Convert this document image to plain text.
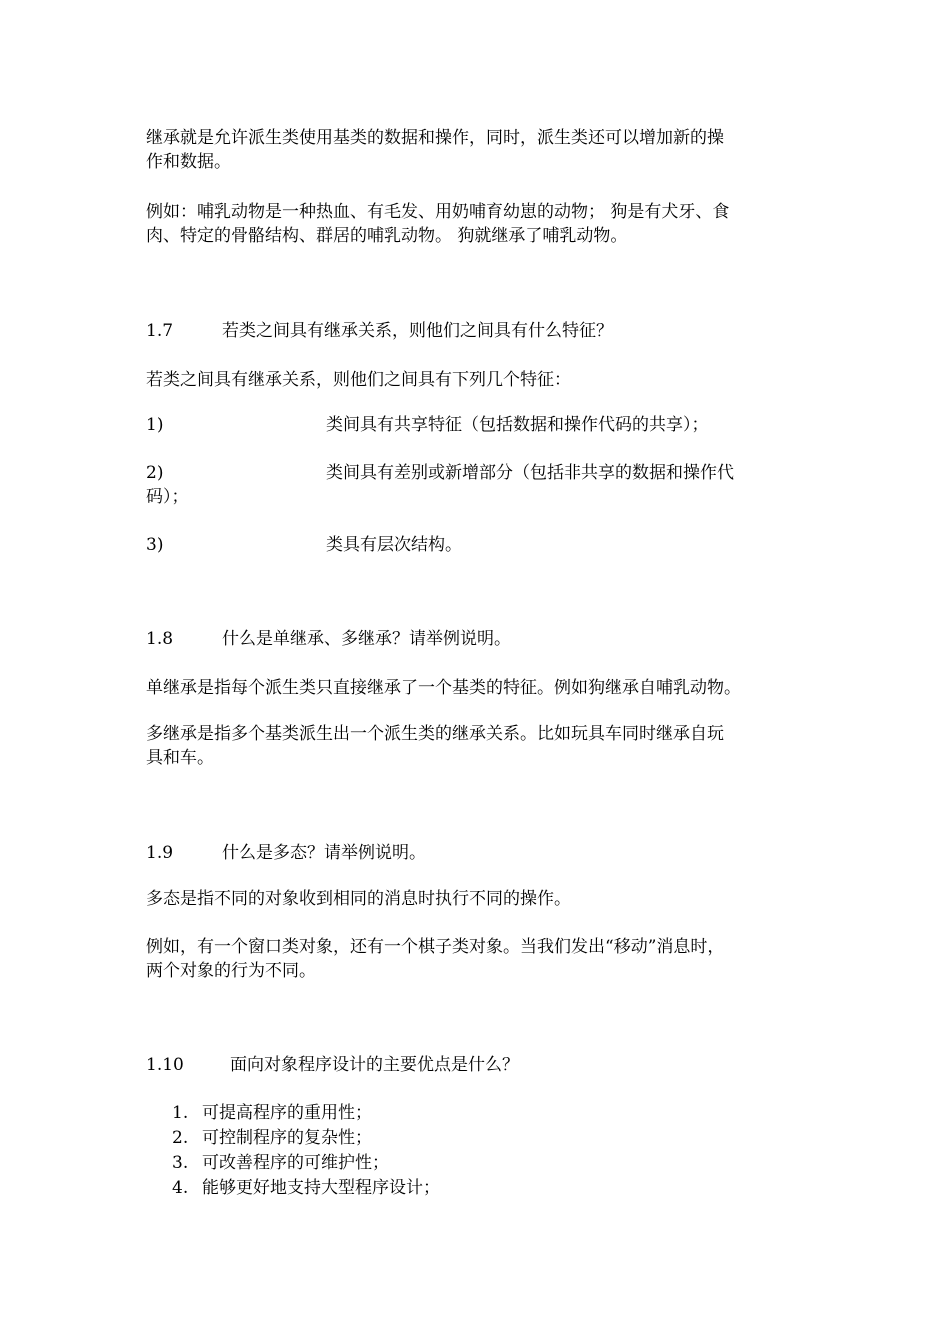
继承就是允许派生类使用基类的数据和操作，同时，派生类还可以增加新的操
作和数据。
例如：哺乳动物是一种热血、有毛发、用奶哺育幼崽的动物； 狗是有犬牙、食
肉、特定的骨骼结构、群居的哺乳动物。 狗就继承了哺乳动物。
1.7	若类之间具有继承关系，则他们之间具有什么特征？
若类之间具有继承关系，则他们之间具有下列几个特征：
1)	类间具有共享特征（包括数据和操作代码的共享）；
2)	类间具有差别或新增部分（包括非共享的数据和操作代
码）；
3)	类具有层次结构。
1.8	什么是单继承、多继承？请举例说明。
单继承是指每个派生类只直接继承了一个基类的特征。例如狗继承自哺乳动物。
多继承是指多个基类派生出一个派生类的继承关系。比如玩具车同时继承自玩
具和车。
1.9	什么是多态？请举例说明。
多态是指不同的对象收到相同的消息时执行不同的操作。
例如，有一个窗口类对象，还有一个棋子类对象。当我们发出“移动”消息时，
两个对象的行为不同。
1.10	面向对象程序设计的主要优点是什么？
1. 可提高程序的重用性；
2. 可控制程序的复杂性；
3. 可改善程序的可维护性；
4. 能够更好地支持大型程序设计；
